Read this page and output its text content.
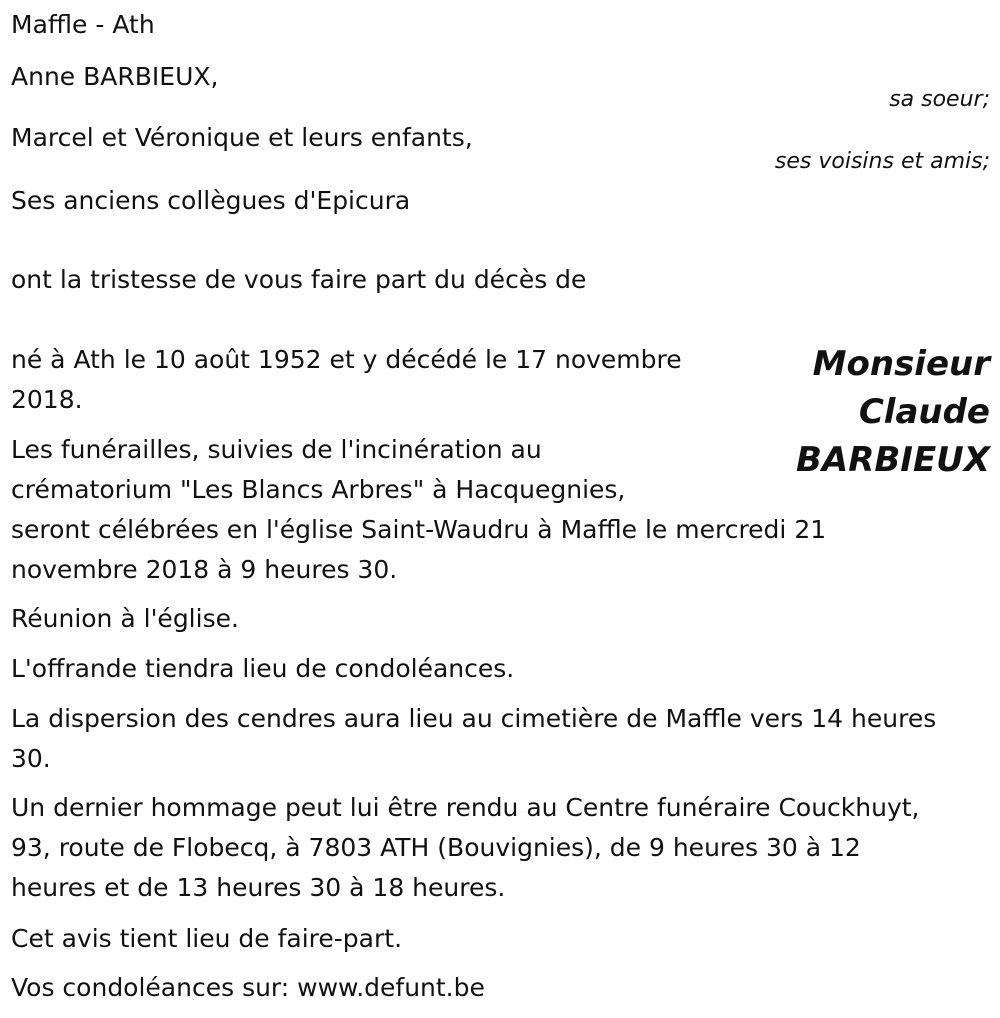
Maffle - Ath

Anne BARBIEUX,

sa soeur;

Marcel et Véronique et leurs enfants,

ses voisins et amis;

Ses anciens collègues d'Epicura

ont la tristesse de vous faire part du décès de

Monsieur
Claude
BARBIEUX

né à Ath le 10 août 1952 et y décédé le 17 novembre

2018.

Les funérailles, suivies de l'incinération au

crématorium "Les Blancs Arbres" à Hacquegnies,

seront célébrées en l'église Saint-Waudru à Maffle le mercredi 21

novembre 2018 à 9 heures 30.

Réunion à l'église.

L'offrande tiendra lieu de condoléances.

La dispersion des cendres aura lieu au cimetière de Maffle vers 14 heures

30.

Un dernier hommage peut lui être rendu au Centre funéraire Couckhuyt,

93, route de Flobecq, à 7803 ATH (Bouvignies), de 9 heures 30 à 12

heures et de 13 heures 30 à 18 heures.

Cet avis tient lieu de faire-part.

Vos condoléances sur: www.defunt.be
